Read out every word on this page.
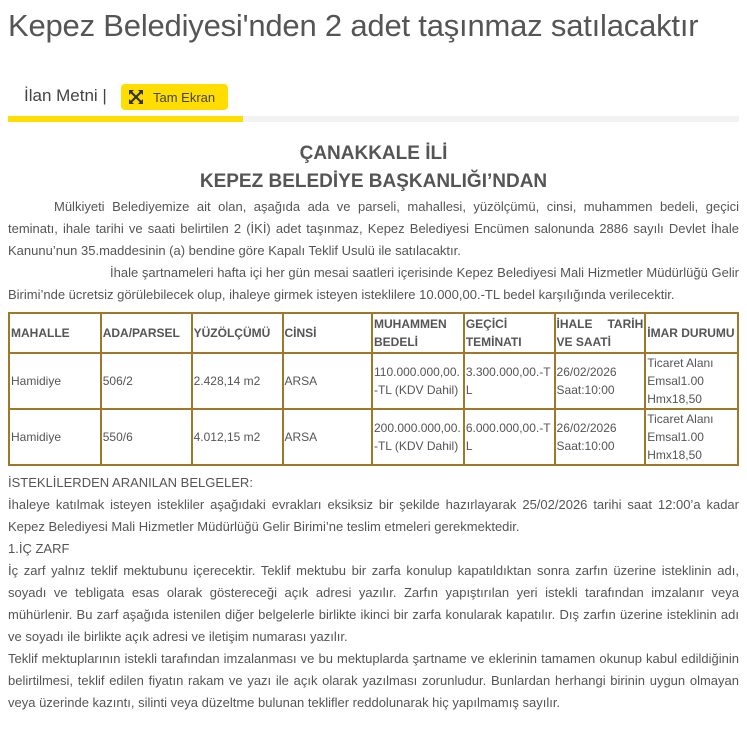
Kepez Belediyesi'nden 2 adet taşınmaz satılacaktır
İlan Metni |	Tam Ekran
ÇANAKKALE İLİ
KEPEZ BELEDİYE BAŞKANLIĞI’NDAN

Mülkiyeti Belediyemize ait olan, aşağıda ada ve parseli, mahallesi, yüzölçümü, cinsi, muhammen bedeli, geçici teminatı, ihale tarihi ve saati belirtilen 2 (İKİ) adet taşınmaz, Kepez Belediyesi Encümen salonunda 2886 sayılı Devlet İhale Kanunu’nun 35.maddesinin (a) bendine göre Kapalı Teklif Usulü ile satılacaktır.

İhale şartnameleri hafta içi her gün mesai saatleri içerisinde Kepez Belediyesi Mali Hizmetler Müdürlüğü Gelir Birimi’nde ücretsiz görülebilecek olup, ihaleye girmek isteyen isteklilere 10.000,00.-TL bedel karşılığında verilecektir.

MAHALLE	ADA/PARSEL	YÜZÖLÇÜMÜ	CİNSİ	MUHAMMEN BEDELİ	GEÇİCİ TEMİNATI	İHALE TARİH VE SAATİ	İMAR DURUMU
Hamidiye	506/2	2.428,14 m2	ARSA	110.000.000,00.-TL (KDV Dahil)	3.300.000,00.-TL	26/02/2026 Saat:10:00	Ticaret Alanı
Emsal1.00
Hmx18,50

Hamidiye	550/6	4.012,15 m2	ARSA	200.000.000,00.-TL (KDV Dahil)	6.000.000,00.-TL	26/02/2026 Saat:10:00	Ticaret Alanı
Emsal1.00
Hmx18,50

İSTEKLİLERDEN ARANILAN BELGELER:

İhaleye katılmak isteyen istekliler aşağıdaki evrakları eksiksiz bir şekilde hazırlayarak 25/02/2026 tarihi saat 12:00’a kadar Kepez Belediyesi Mali Hizmetler Müdürlüğü Gelir Birimi’ne teslim etmeleri gerekmektedir.

1.İÇ ZARF

İç zarf yalnız teklif mektubunu içerecektir. Teklif mektubu bir zarfa konulup kapatıldıktan sonra zarfın üzerine isteklinin adı, soyadı ve tebligata esas olarak göstereceği açık adresi yazılır. Zarfın yapıştırılan yeri istekli tarafından imzalanır veya mühürlenir. Bu zarf aşağıda istenilen diğer belgelerle birlikte ikinci bir zarfa konularak kapatılır. Dış zarfın üzerine isteklinin adı ve soyadı ile birlikte açık adresi ve iletişim numarası yazılır.

Teklif mektuplarının istekli tarafından imzalanması ve bu mektuplarda şartname ve eklerinin tamamen okunup kabul edildiğinin belirtilmesi, teklif edilen fiyatın rakam ve yazı ile açık olarak yazılması zorunludur. Bunlardan herhangi birinin uygun olmayan veya üzerinde kazıntı, silinti veya düzeltme bulunan teklifler reddolunarak hiç yapılmamış sayılır.
